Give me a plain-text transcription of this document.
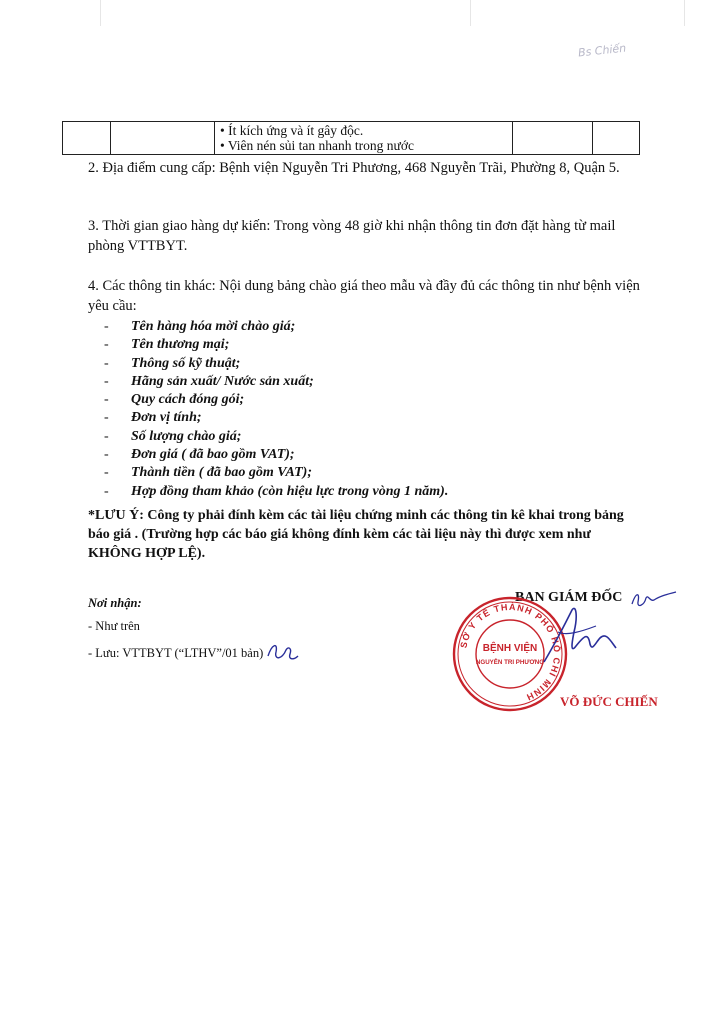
Bs Chiến
• Ít kích ứng và ít gây độc.
• Viên nén sủi tan nhanh trong nước
2. Địa điểm cung cấp: Bệnh viện Nguyễn Tri Phương, 468 Nguyễn Trãi, Phường 8, Quận 5.
3. Thời gian giao hàng dự kiến: Trong vòng 48 giờ khi nhận thông tin đơn đặt hàng từ mail phòng VTTBYT.
4. Các thông tin khác: Nội dung bảng chào giá theo mẫu và đầy đủ các thông tin như bệnh viện yêu cầu:
- Tên hàng hóa mời chào giá;
- Tên thương mại;
- Thông số kỹ thuật;
- Hãng sản xuất/ Nước sản xuất;
- Quy cách đóng gói;
- Đơn vị tính;
- Số lượng chào giá;
- Đơn giá ( đã bao gồm VAT);
- Thành tiền ( đã bao gồm VAT);
- Hợp đồng tham khảo (còn hiệu lực trong vòng 1 năm).
*LƯU Ý: Công ty phải đính kèm các tài liệu chứng minh các thông tin kê khai trong bảng báo giá . (Trường hợp các báo giá không đính kèm các tài liệu này thì được xem như KHÔNG HỢP LỆ).
Nơi nhận:
- Như trên
- Lưu: VTTBYT (“LTHV”/01 bản)
BAN GIÁM ĐỐC
SỞ Y TẾ THÀNH PHỐ HỒ CHÍ MINH
BỆNH VIỆN
NGUYỄN TRI PHƯƠNG
VÕ ĐỨC CHIẾN
